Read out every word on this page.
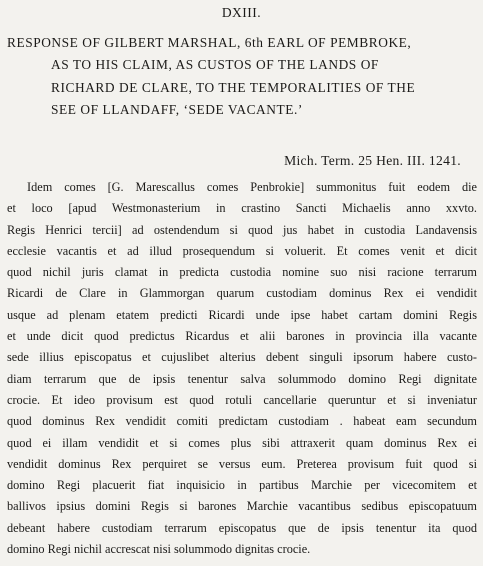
DXIII.
RESPONSE OF GILBERT MARSHAL, 6th EARL OF PEMBROKE,
AS TO HIS CLAIM, AS CUSTOS OF THE LANDS OF
RICHARD DE CLARE, TO THE TEMPORALITIES OF THE
SEE OF LLANDAFF, ‘SEDE VACANTE.’
Mich. Term. 25 Hen. III. 1241.
Idem comes [G. Marescallus comes Penbrokie] summonitus fuit eodem die
et loco [apud Westmonasterium in crastino Sancti Michaelis anno xxvto.
Regis Henrici tercii] ad ostendendum si quod jus habet in custodia Landavensis
ecclesie vacantis et ad illud prosequendum si voluerit. Et comes venit et dicit
quod nichil juris clamat in predicta custodia nomine suo nisi racione terrarum
Ricardi de Clare in Glammorgan quarum custodiam dominus Rex ei vendidit
usque ad plenam etatem predicti Ricardi unde ipse habet cartam domini Regis
et unde dicit quod predictus Ricardus et alii barones in provincia illa vacante
sede illius episcopatus et cujuslibet alterius debent singuli ipsorum habere custo-
diam terrarum que de ipsis tenentur salva solummodo domino Regi dignitate
crocie. Et ideo provisum est quod rotuli cancellarie queruntur et si inveniatur
quod dominus Rex vendidit comiti predictam custodiam . habeat eam secundum
quod ei illam vendidit et si comes plus sibi attraxerit quam dominus Rex ei
vendidit dominus Rex perquiret se versus eum. Preterea provisum fuit quod si
domino Regi placuerit fiat inquisicio in partibus Marchie per vicecomitem et
ballivos ipsius domini Regis si barones Marchie vacantibus sedibus episcopatuum
debeant habere custodiam terrarum episcopatus que de ipsis tenentur ita quod
domino Regi nichil accrescat nisi solummodo dignitas crocie.
